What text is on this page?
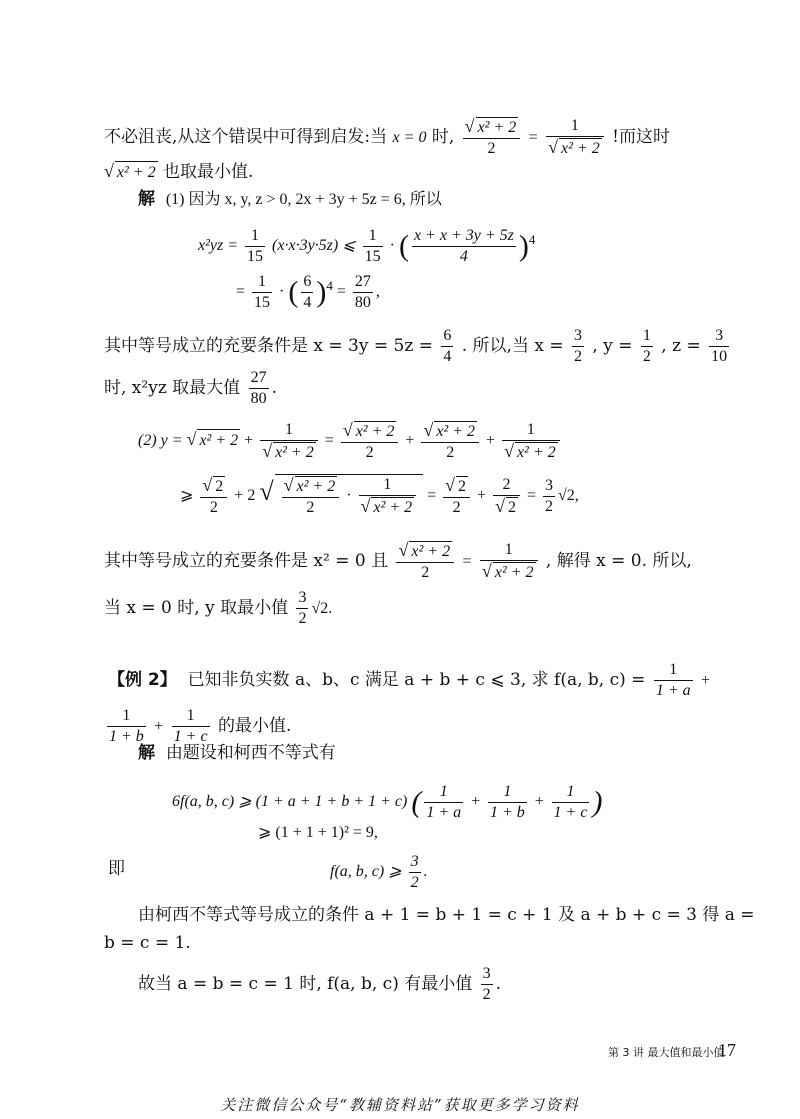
不必沮丧,从这个错误中可得到启发:当 x = 0 时, $\frac{\text{√ x² + 2}}{2} = \frac{1}{\text{√ x² + 2}}$ !而这时
√ x² + 2 也取最小值.
解 (1) 因为 x, y, z > 0, 2x + 3y + 5z = 6, 所以
$x^2yz = \frac{1}{15} (x\cdot x\cdot 3y\cdot 5z)$ ⩽ $\frac{1}{15}$ · ( $\frac{x + x + 3y + 5z}{4} )^4$
= $\frac{1}{15}$ · ( $\frac{6}{4} )^4 = \frac{27}{80}$ ,
其中等号成立的充要条件是 $x = 3y = 5z = \frac{6}{4}$ . 所以,当 $x = \frac{3}{2}$ , $y = \frac{1}{2}$ , $z = \frac{3}{10}$
时, x²yz 取最大值 $\frac{27}{80}$ .
(2) y = √ $x^2 + 2 + \frac{1}{\text{√ x² + 2}} = \frac{\text{√ x² + 2}}{2} + \frac{\text{√ x² + 2}}{2} + \frac{1}{\text{√ x² + 2}}$
⩾ $\frac{√ 2}{2} + 2$ √ $\frac{\text{√ x² + 2}}{2} \cdot \frac{1}{\text{√ x² + 2}} = \frac{√ 2}{2} + \frac{2}{√ 2} = \frac{3}{2} √2$,
其中等号成立的充要条件是 x² = 0 且 $\frac{\text{√ x² + 2}}{2} = \frac{1}{\text{√ x² + 2}}$ , 解得 x = 0. 所以,
当 x = 0 时, y 取最小值 $\frac{3}{2} √2$.
【例 2】 已知非负实数 a、b、c 满足 a + b + c ⩽ 3, 求 f(a, b, $c) = \frac{1}{1 + a}$ +
$\frac{1}{1 + b} + \frac{1}{1 + c}$ 的最小值.
解 由题设和柯西不等式有
6f(a, b, c) ⩾ (1 + a + 1 + b + 1 + c) ( $\frac{1}{1 + a} + \frac{1}{1 + b} + \frac{1}{1 + c}$ )
⩾ (1 + 1 + 1)² = 9,
即	f(a, b, c) ⩾ $\frac{3}{2}$ .
由柯西不等式等号成立的条件 a + 1 = b + 1 = c + 1 及 a + b + c = 3 得 a =
b = c = 1.
故当 a = b = c = 1 时, f(a, b, c) 有最小值 $\frac{3}{2}$ .
第 3 讲 最大值和最小值
17
关注微信公众号“教辅资料站”获取更多学习资料
